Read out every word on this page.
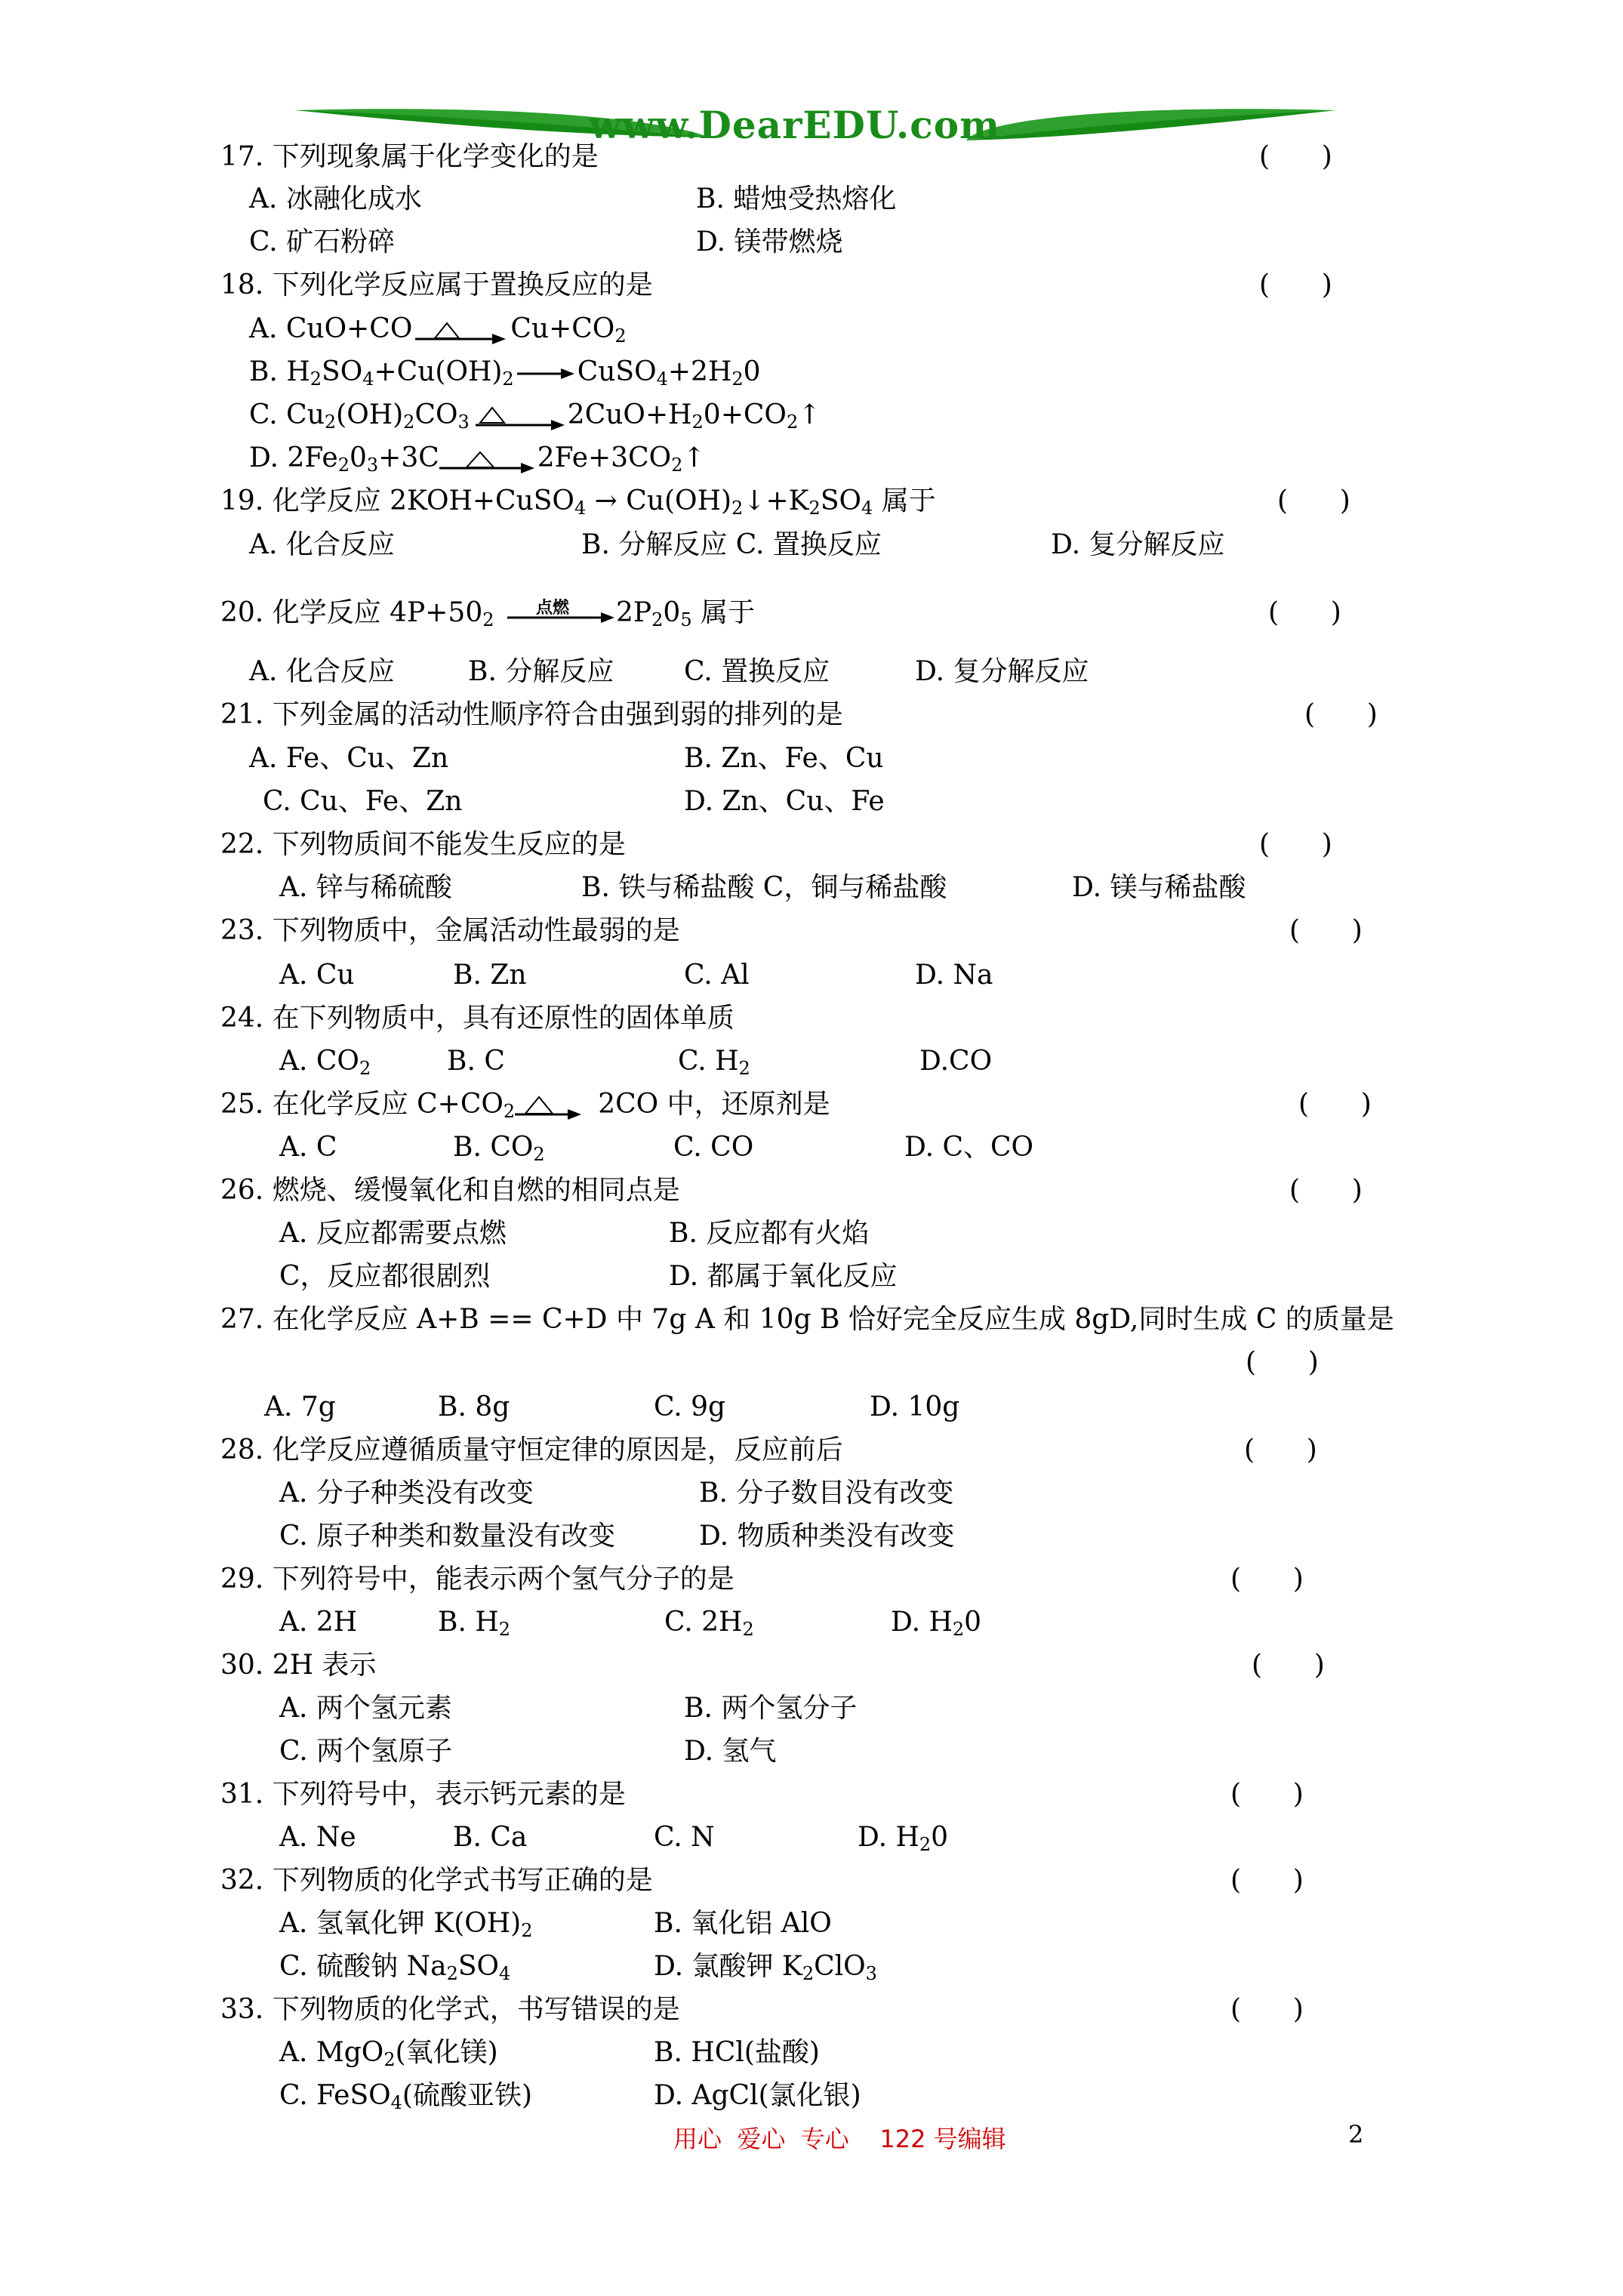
www.DearEDU.com
17. 下列现象属于化学变化的是	(      )
A. 冰融化成水	B. 蜡烛受热熔化
C. 矿石粉碎	D. 镁带燃烧
18. 下列化学反应属于置换反应的是	(      )
A. CuO+CO	$Cu+CO_2$
B. $H_2SO_4+Cu(OH)_2$ $CuSO_4+2H_20$
C. $Cu_2(OH)_2CO_3$	$2CuO+H_20+CO_2↑$
D. $2Fe_20_3+3C$	$2Fe+3CO_2↑$
19. 化学反应 2KOH+CuSO$_4$ → $Cu(OH)_2↓+K_2SO_4$ 属于	(      )
A. 化合反应	B. 分解反应 C. 置换反应	D. 复分解反应
20. 化学反应 $4P+50_2$
点燃 $2P_20_5$ 属于	(      )
A. 化合反应	B. 分解反应	C. 置换反应	D. 复分解反应
21. 下列金属的活动性顺序符合由强到弱的排列的是	(      )
A. Fe、Cu、Zn	B. Zn、Fe、Cu
C. Cu、Fe、Zn	D. Zn、Cu、Fe
22. 下列物质间不能发生反应的是	(      )
A. 锌与稀硫酸	B. 铁与稀盐酸 C，铜与稀盐酸	D. 镁与稀盐酸
23. 下列物质中，金属活动性最弱的是	(      )
A. Cu	B. Zn	C. Al	D. Na
24. 在下列物质中，具有还原性的固体单质
A. $CO_2$	B. C	C. $H_2$	D.CO
25. 在化学反应 $C+CO_2$	2CO 中，还原剂是	(      )
A. C	B. $CO_2$	C. CO	D. C、CO
26. 燃烧、缓慢氧化和自燃的相同点是	(      )
A. 反应都需要点燃	B. 反应都有火焰
C，反应都很剧烈	D. 都属于氧化反应
27. 在化学反应 A+B == C+D 中 7g A 和 10g B 恰好完全反应生成 8gD,同时生成 C 的质量是
(      )
A. 7g	B. 8g	C. 9g	D. 10g
28. 化学反应遵循质量守恒定律的原因是，反应前后	(      )
A. 分子种类没有改变	B. 分子数目没有改变
C. 原子种类和数量没有改变	D. 物质种类没有改变
29. 下列符号中，能表示两个氢气分子的是	(      )
A. 2H	B. $H_2$	C. $2H_2$	D. $H_20$
30. 2H 表示	(      )
A. 两个氢元素	B. 两个氢分子
C. 两个氢原子	D. 氢气
31. 下列符号中，表示钙元素的是	(      )
A. Ne	B. Ca	C. N	D. $H_20$
32. 下列物质的化学式书写正确的是	(      )
A. 氢氧化钾 $K(OH)_2$	B. 氧化铝 AlO
C. 硫酸钠 $Na_2SO_4$	D. 氯酸钾 $K_2ClO_3$
33. 下列物质的化学式，书写错误的是	(      )
A. MgO$_2$(氧化镁)	B. HCl(盐酸)
C. FeSO$_4$(硫酸亚铁)	D. AgCl(氯化银)
用心  爱心  专心    122 号编辑	2
